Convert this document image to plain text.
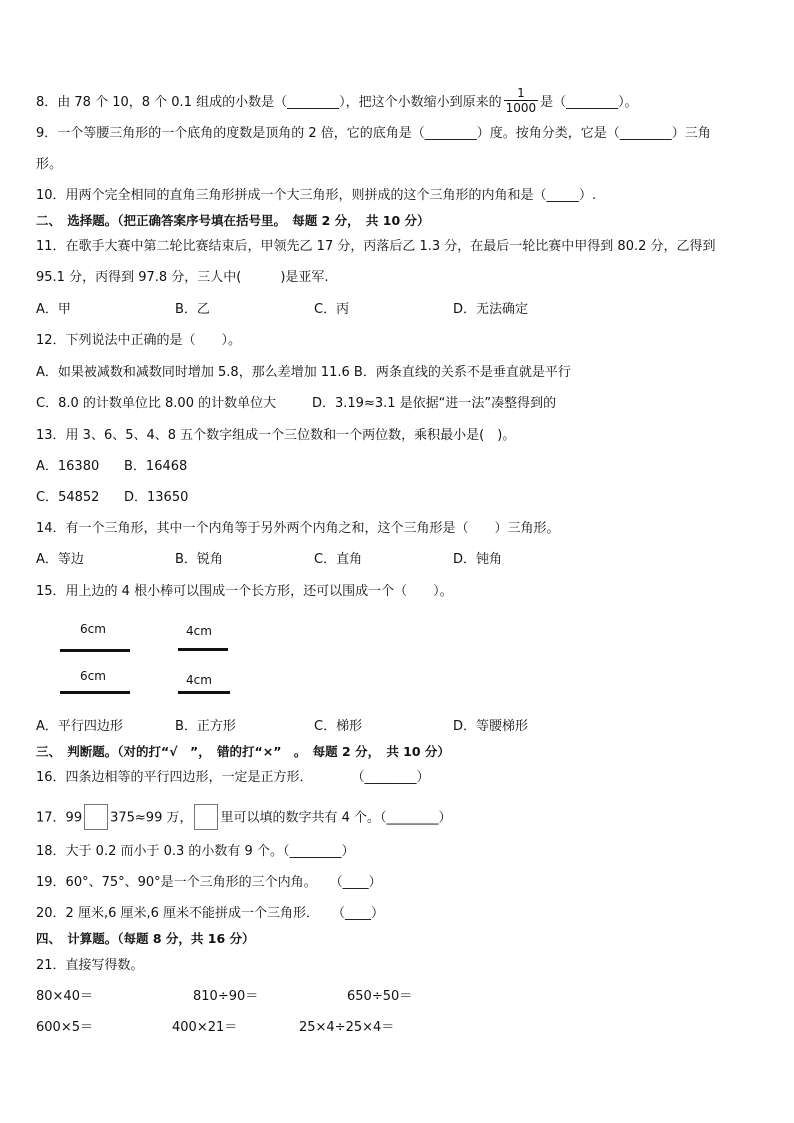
8．由 78 个 10，8 个 0.1 组成的小数是（________），把这个小数缩小到原来的 $\frac{1}{1000}$ 是（________）。
9．一个等腰三角形的一个底角的度数是顶角的 2 倍，它的底角是（________）度。按角分类，它是（________）三角
形。
10．用两个完全相同的直角三角形拼成一个大三角形，则拼成的这个三角形的内角和是（_____）.
二、　选择题。（把正确答案序号填在括号里。　每题 2 分，　共 10 分）
11．在歌手大赛中第二轮比赛结束后，甲领先乙 17 分，丙落后乙 1.3 分，在最后一轮比赛中甲得到 80.2 分，乙得到
95.1 分，丙得到 97.8 分，三人中(　　　)是亚军.
A．甲	B．乙	C．丙	D．无法确定
12．下列说法中正确的是（　　）。
A．如果被减数和减数同时增加 5.8，那么差增加 11.6 B．两条直线的关系不是垂直就是平行
C．8.0 的计数单位比 8.00 的计数单位大	D．3.19≈3.1 是依据“进一法”凑整得到的
13．用 3、6、5、4、8 五个数字组成一个三位数和一个两位数，乘积最小是(　)。
A．16380 B．16468
C．54852 D．13650
14．有一个三角形，其中一个内角等于另外两个内角之和，这个三角形是（　　）三角形。
A．等边	B．锐角	C．直角	D．钝角
15．用上边的 4 根小棒可以围成一个长方形，还可以围成一个（　　）。
6cm	4cm
6cm	4cm
A．平行四边形	B．正方形	C．梯形	D．等腰梯形
三、　判断题。（对的打“√　”，　错的打“×”　。　每题 2 分，　共 10 分）
16．四条边相等的平行四边形，一定是正方形．　　　　（________）
17．99 375≈99 万， 里可以填的数字共有 4 个。（________）
18．大于 0.2 而小于 0.3 的小数有 9 个。（________）
19．60°、75°、90°是一个三角形的三个内角。　　（____）
20．2 厘米,6 厘米,6 厘米不能拼成一个三角形．　　（____）
四、　计算题。（每题 8 分，共 16 分）
21．直接写得数。
80×40＝	810÷90＝	650÷50＝
600×5＝	400×21＝	25×4÷25×4＝
